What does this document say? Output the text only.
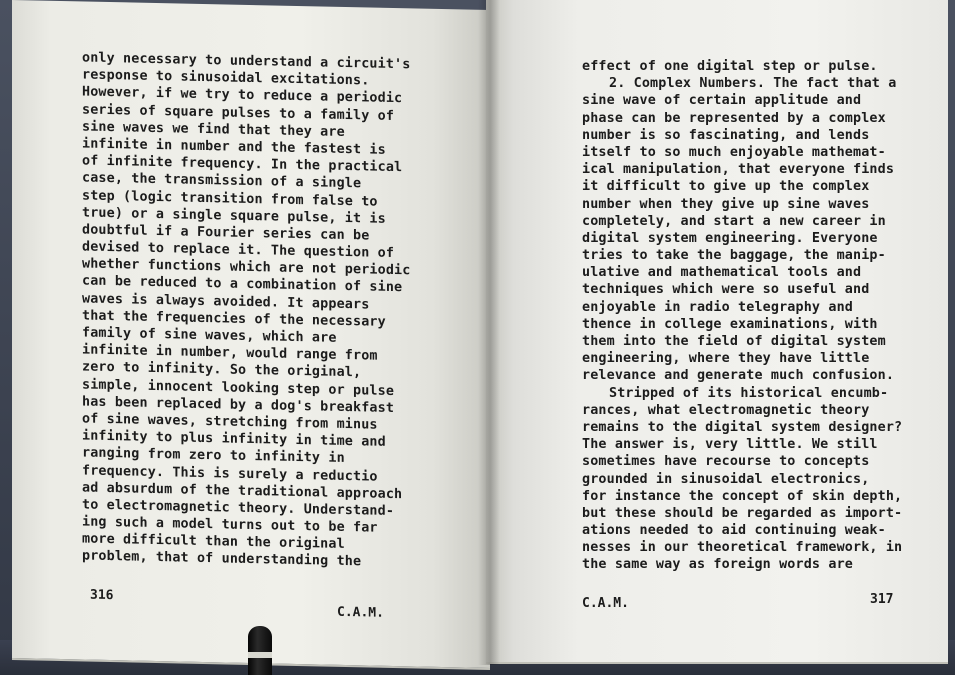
only necessary to understand a circuit's
response to sinusoidal excitations.
However, if we try to reduce a periodic
series of square pulses to a family of
sine waves we find that they are
infinite in number and the fastest is
of infinite frequency. In the practical
case, the transmission of a single
step (logic transition from false to
true) or a single square pulse, it is
doubtful if a Fourier series can be
devised to replace it. The question of
whether functions which are not periodic
can be reduced to a combination of sine
waves is always avoided. It appears
that the frequencies of the necessary
family of sine waves, which are
infinite in number, would range from
zero to infinity. So the original,
simple, innocent looking step or pulse
has been replaced by a dog's breakfast
of sine waves, stretching from minus
infinity to plus infinity in time and
ranging from zero to infinity in
frequency. This is surely a reductio
ad absurdum of the traditional approach
to electromagnetic theory. Understand-
ing such a model turns out to be far
more difficult than the original
problem, that of understanding the
316
C.A.M.
effect of one digital step or pulse.
2. Complex Numbers. The fact that a
sine wave of certain applitude and
phase can be represented by a complex
number is so fascinating, and lends
itself to so much enjoyable mathemat-
ical manipulation, that everyone finds
it difficult to give up the complex
number when they give up sine waves
completely, and start a new career in
digital system engineering. Everyone
tries to take the baggage, the manip-
ulative and mathematical tools and
techniques which were so useful and
enjoyable in radio telegraphy and
thence in college examinations, with
them into the field of digital system
engineering, where they have little
relevance and generate much confusion.
Stripped of its historical encumb-
rances, what electromagnetic theory
remains to the digital system designer?
The answer is, very little. We still
sometimes have recourse to concepts
grounded in sinusoidal electronics,
for instance the concept of skin depth,
but these should be regarded as import-
ations needed to aid continuing weak-
nesses in our theoretical framework, in
the same way as foreign words are
C.A.M.	317
